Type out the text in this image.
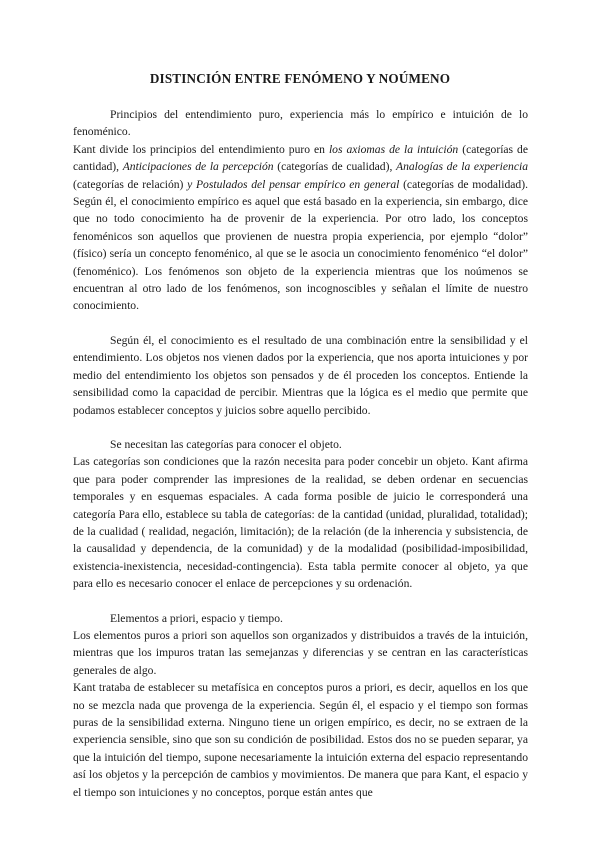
DISTINCIÓN ENTRE FENÓMENO Y NOÚMENO

Principios del entendimiento puro, experiencia más lo empírico e intuición de lo fenoménico.

Kant divide los principios del entendimiento puro en los axiomas de la intuición (categorías de cantidad), Anticipaciones de la percepción (categorías de cualidad), Analogías de la experiencia (categorías de relación) y Postulados del pensar empírico en general (categorías de modalidad). Según él, el conocimiento empírico es aquel que está basado en la experiencia, sin embargo, dice que no todo conocimiento ha de provenir de la experiencia. Por otro lado, los conceptos fenoménicos son aquellos que provienen de nuestra propia experiencia, por ejemplo “dolor” (físico) sería un concepto fenoménico, al que se le asocia un conocimiento fenoménico “el dolor” (fenoménico). Los fenómenos son objeto de la experiencia mientras que los noúmenos se encuentran al otro lado de los fenómenos, son incognoscibles y señalan el límite de nuestro conocimiento.

Según él, el conocimiento es el resultado de una combinación entre la sensibilidad y el entendimiento. Los objetos nos vienen dados por la experiencia, que nos aporta intuiciones y por medio del entendimiento los objetos son pensados y de él proceden los conceptos. Entiende la sensibilidad como la capacidad de percibir. Mientras que la lógica es el medio que permite que podamos establecer conceptos y juicios sobre aquello percibido.

Se necesitan las categorías para conocer el objeto.

Las categorías son condiciones que la razón necesita para poder concebir un objeto. Kant afirma que para poder comprender las impresiones de la realidad, se deben ordenar en secuencias temporales y en esquemas espaciales. A cada forma posible de juicio le corresponderá una categoría Para ello, establece su tabla de categorías: de la cantidad (unidad, pluralidad, totalidad); de la cualidad ( realidad, negación, limitación); de la relación (de la inherencia y subsistencia, de la causalidad y dependencia, de la comunidad) y de la modalidad (posibilidad-imposibilidad, existencia-inexistencia, necesidad-contingencia). Esta tabla permite conocer al objeto, ya que para ello es necesario conocer el enlace de percepciones y su ordenación.

Elementos a priori, espacio y tiempo.

Los elementos puros a priori son aquellos son organizados y distribuidos a través de la intuición, mientras que los impuros tratan las semejanzas y diferencias y se centran en las características generales de algo.

Kant trataba de establecer su metafísica en conceptos puros a priori, es decir, aquellos en los que no se mezcla nada que provenga de la experiencia. Según él, el espacio y el tiempo son formas puras de la sensibilidad externa. Ninguno tiene un origen empírico, es decir, no se extraen de la experiencia sensible, sino que son su condición de posibilidad. Estos dos no se pueden separar, ya que la intuición del tiempo, supone necesariamente la intuición externa del espacio representando así los objetos y la percepción de cambios y movimientos. De manera que para Kant, el espacio y el tiempo son intuiciones y no conceptos, porque están antes que
